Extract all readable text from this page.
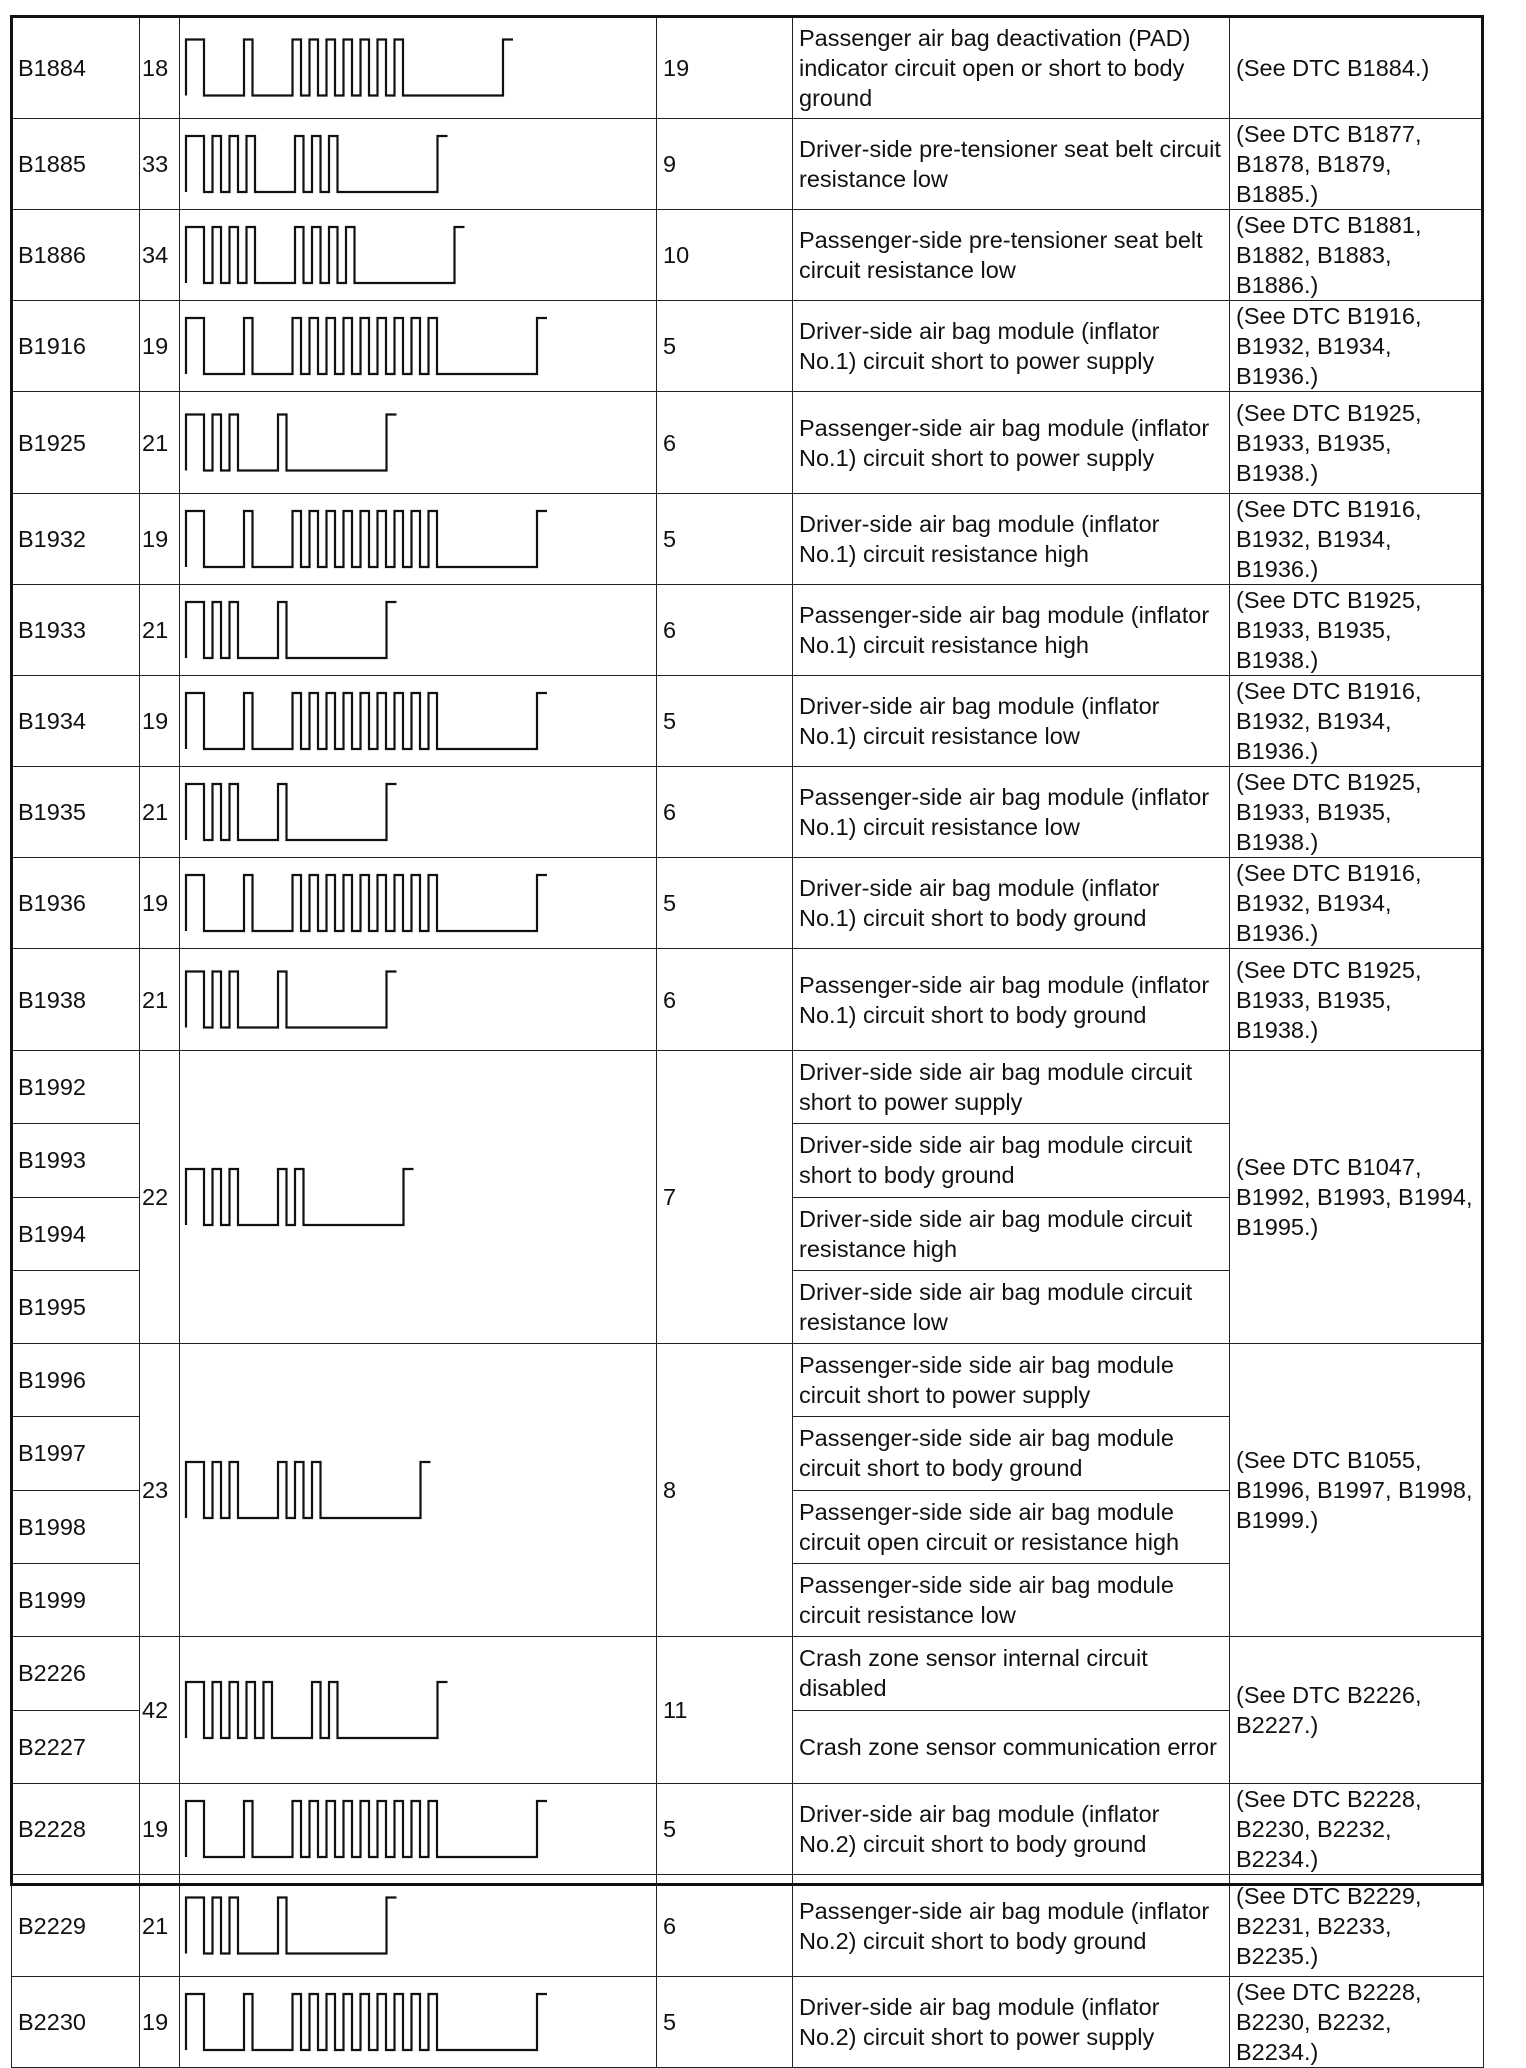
B1884	18		19	Passenger air bag deactivation (PAD) indicator circuit open or short to body ground	(See DTC B1884.)
B1885	33		9	Driver-side pre-tensioner seat belt circuit resistance low	(See DTC B1877, B1878, B1879, B1885.)
B1886	34		10	Passenger-side pre-tensioner seat belt circuit resistance low	(See DTC B1881, B1882, B1883, B1886.)
B1916	19		5	Driver-side air bag module (inflator No.1) circuit short to power supply	(See DTC B1916, B1932, B1934, B1936.)
B1925	21		6	Passenger-side air bag module (inflator No.1) circuit short to power supply	(See DTC B1925, B1933, B1935, B1938.)
B1932	19		5	Driver-side air bag module (inflator No.1) circuit resistance high	(See DTC B1916, B1932, B1934, B1936.)
B1933	21		6	Passenger-side air bag module (inflator No.1) circuit resistance high	(See DTC B1925, B1933, B1935, B1938.)
B1934	19		5	Driver-side air bag module (inflator No.1) circuit resistance low	(See DTC B1916, B1932, B1934, B1936.)
B1935	21		6	Passenger-side air bag module (inflator No.1) circuit resistance low	(See DTC B1925, B1933, B1935, B1938.)
B1936	19		5	Driver-side air bag module (inflator No.1) circuit short to body ground	(See DTC B1916, B1932, B1934, B1936.)
B1938	21		6	Passenger-side air bag module (inflator No.1) circuit short to body ground	(See DTC B1925, B1933, B1935, B1938.)
B1992	22		7	Driver-side side air bag module circuit short to power supply	(See DTC B1047, B1992, B1993, B1994, B1995.)
B1993				Driver-side side air bag module circuit short to body ground	
B1994				Driver-side side air bag module circuit resistance high	
B1995				Driver-side side air bag module circuit resistance low	
B1996	23		8	Passenger-side side air bag module circuit short to power supply	(See DTC B1055, B1996, B1997, B1998, B1999.)
B1997				Passenger-side side air bag module circuit short to body ground	
B1998				Passenger-side side air bag module circuit open circuit or resistance high	
B1999				Passenger-side side air bag module circuit resistance low	
B2226	42		11	Crash zone sensor internal circuit disabled	(See DTC B2226, B2227.)
B2227				Crash zone sensor communication error	
B2228	19		5	Driver-side air bag module (inflator No.2) circuit short to body ground	(See DTC B2228, B2230, B2232, B2234.)
B2229	21		6	Passenger-side air bag module (inflator No.2) circuit short to body ground	(See DTC B2229, B2231, B2233, B2235.)
B2230	19		5	Driver-side air bag module (inflator No.2) circuit short to power supply	(See DTC B2228, B2230, B2232, B2234.)
